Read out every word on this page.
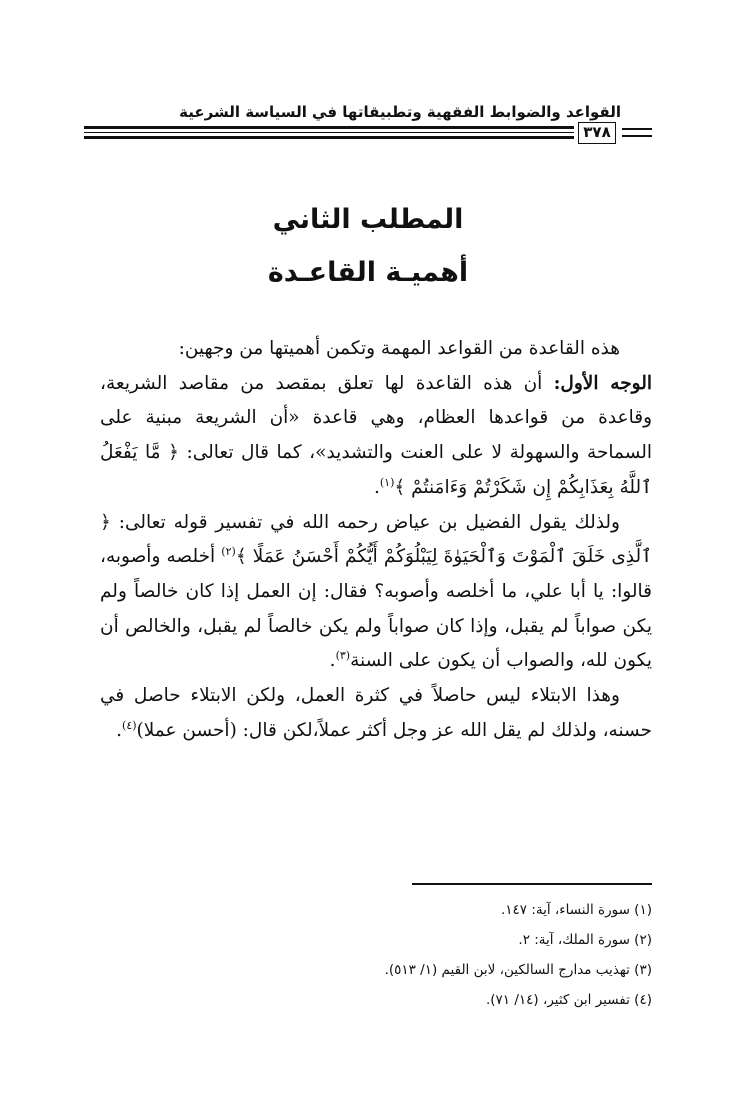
القواعد والضوابط الفقهية وتطبيقاتها في السياسة الشرعية
٣٧٨
المطلب الثاني
أهميـة القاعـدة

هذه القاعدة من القواعد المهمة وتكمن أهميتها من وجهين:

الوجه الأول: أن هذه القاعدة لها تعلق بمقصد من مقاصد الشريعة، وقاعدة من قواعدها العظام، وهي قاعدة «أن الشريعة مبنية على السماحة والسهولة لا على العنت والتشديد»، كما قال تعالى: ﴿ مَّا يَفْعَلُ ٱللَّهُ بِعَذَابِكُمْ إِن شَكَرْتُمْ وَءَامَنتُمْ ﴾$^{(١)}$.

ولذلك يقول الفضيل بن عياض رحمه الله في تفسير قوله تعالى: ﴿ ٱلَّذِى خَلَقَ ٱلْمَوْتَ وَٱلْحَيَوٰةَ لِيَبْلُوَكُمْ أَيُّكُمْ أَحْسَنُ عَمَلًا ﴾$^{(٢)}$ أخلصه وأصوبه، قالوا: يا أبا علي، ما أخلصه وأصوبه؟ فقال: إن العمل إذا كان خالصاً ولم يكن صواباً لم يقبل، وإذا كان صواباً ولم يكن خالصاً لم يقبل، والخالص أن يكون لله، والصواب أن يكون على السنة$^{(٣)}$.

وهذا الابتلاء ليس حاصلاً في كثرة العمل، ولكن الابتلاء حاصل في حسنه، ولذلك لم يقل الله عز وجل أكثر عملاً،لكن قال: (أحسن عملا)$^{(٤)}$.

(١) سورة النساء، آية: ١٤٧.
(٢) سورة الملك، آية: ٢.
(٣) تهذيب مدارج السالكين، لابن القيم (١/ ٥١٣).
(٤) تفسير ابن كثير، (١٤/ ٧١).
